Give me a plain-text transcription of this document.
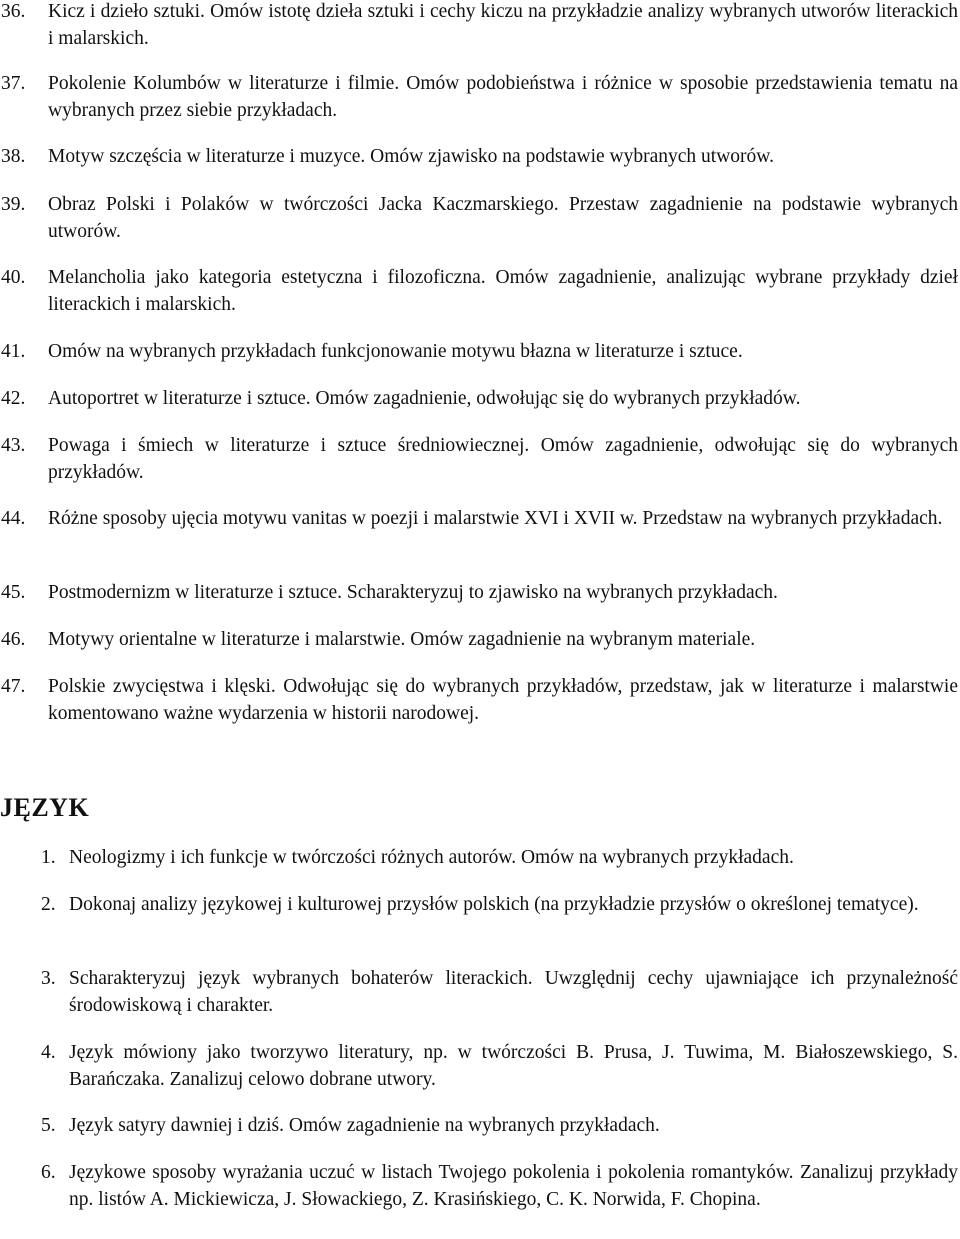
36.	Kicz i dzieło sztuki. Omów istotę dzieła sztuki i cechy kiczu na przykładzie analizy wybranych utworów literackich i malarskich.
37.	Pokolenie Kolumbów w literaturze i filmie. Omów podobieństwa i różnice w sposobie przedstawienia tematu na wybranych przez siebie przykładach.
38.	Motyw szczęścia w literaturze i muzyce. Omów zjawisko na podstawie wybranych utworów.
39.	Obraz Polski i Polaków w twórczości Jacka Kaczmarskiego. Przestaw zagadnienie na podstawie wybranych utworów.
40.	Melancholia jako kategoria estetyczna i filozoficzna. Omów zagadnienie, analizując wybrane przykłady dzieł literackich i malarskich.
41.	Omów na wybranych przykładach funkcjonowanie motywu błazna w literaturze i sztuce.
42.	Autoportret w literaturze i sztuce. Omów zagadnienie, odwołując się do wybranych przykładów.
43.	Powaga i śmiech w literaturze i sztuce średniowiecznej. Omów zagadnienie, odwołując się do wybranych przykładów.
44.	Różne sposoby ujęcia motywu vanitas w poezji i malarstwie XVI i XVII w. Przedstaw na wybranych przykładach.
45.	Postmodernizm w literaturze i sztuce. Scharakteryzuj to zjawisko na wybranych przykładach.
46.	Motywy orientalne w literaturze i malarstwie. Omów zagadnienie na wybranym materiale.
47.	Polskie zwycięstwa i klęski. Odwołując się do wybranych przykładów, przedstaw, jak w literaturze i malarstwie komentowano ważne wydarzenia w historii narodowej.
JĘZYK
1. Neologizmy i ich funkcje w twórczości różnych autorów. Omów na wybranych przykładach.
2. Dokonaj analizy językowej i kulturowej przysłów polskich (na przykładzie przysłów o określonej tematyce).
3. Scharakteryzuj język wybranych bohaterów literackich. Uwzględnij cechy ujawniające ich przynależność środowiskową i charakter.
4. Język mówiony jako tworzywo literatury, np. w twórczości B. Prusa, J. Tuwima, M. Białoszewskiego, S. Barańczaka. Zanalizuj celowo dobrane utwory.
5. Język satyry dawniej i dziś. Omów zagadnienie na wybranych przykładach.
6. Językowe sposoby wyrażania uczuć w listach Twojego pokolenia i pokolenia romantyków. Zanalizuj przykłady np. listów A. Mickiewicza, J. Słowackiego, Z. Krasińskiego, C. K. Norwida, F. Chopina.
